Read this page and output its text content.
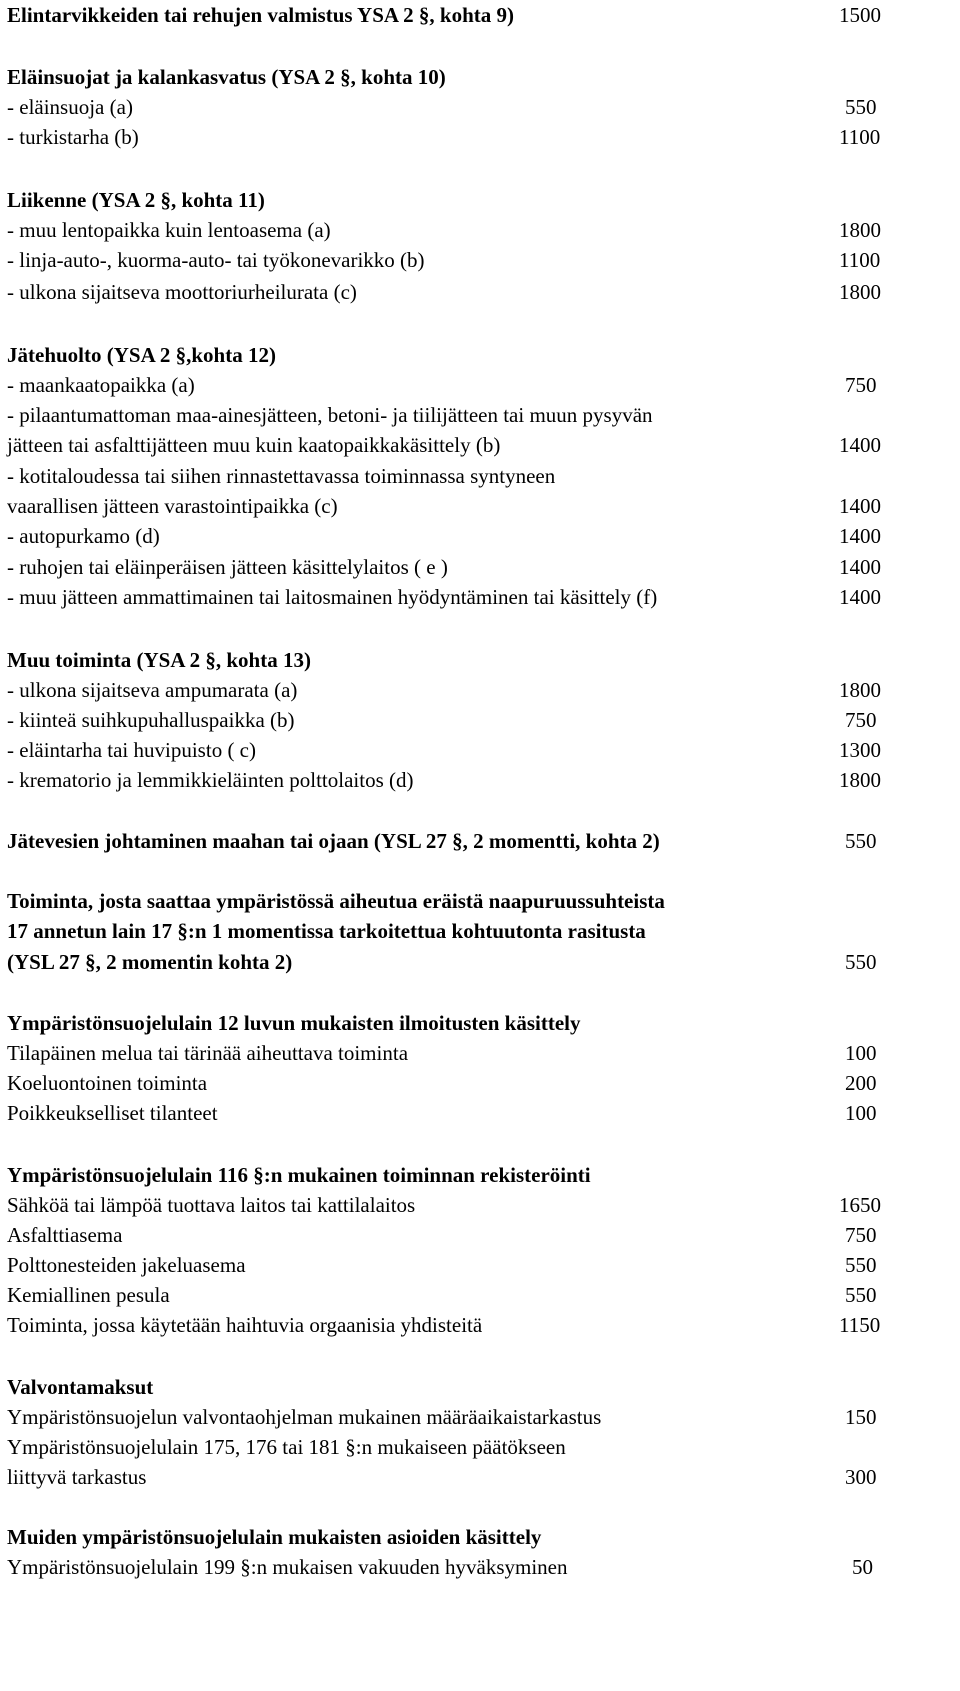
Elintarvikkeiden tai rehujen valmistus YSA 2 §, kohta 9)	1500
Eläinsuojat ja kalankasvatus (YSA 2 §, kohta 10)
- eläinsuoja (a)	550
- turkistarha (b)	1100
Liikenne (YSA 2 §, kohta 11)
- muu lentopaikka kuin lentoasema (a)	1800
- linja-auto-, kuorma-auto- tai työkonevarikko (b)	1100
- ulkona sijaitseva moottoriurheilurata (c)	1800
Jätehuolto (YSA 2 §,kohta 12)
- maankaatopaikka (a)	750
- pilaantumattoman maa-ainesjätteen, betoni- ja tiilijätteen tai muun pysyvän
jätteen tai asfalttijätteen muu kuin kaatopaikkakäsittely (b)	1400
- kotitaloudessa tai siihen rinnastettavassa toiminnassa syntyneen
vaarallisen jätteen varastointipaikka (c)	1400
- autopurkamo (d)	1400
- ruhojen tai eläinperäisen jätteen käsittelylaitos ( e )	1400
- muu jätteen ammattimainen tai laitosmainen hyödyntäminen tai käsittely (f)	1400
Muu toiminta (YSA 2 §, kohta 13)
- ulkona sijaitseva ampumarata (a)	1800
- kiinteä suihkupuhalluspaikka (b)	750
- eläintarha tai huvipuisto ( c)	1300
- krematorio ja lemmikkieläinten polttolaitos (d)	1800
Jätevesien johtaminen maahan tai ojaan (YSL 27 §, 2 momentti, kohta 2)	550
Toiminta, josta saattaa ympäristössä aiheutua eräistä naapuruussuhteista
17 annetun lain 17 §:n 1 momentissa tarkoitettua kohtuutonta rasitusta
(YSL 27 §, 2 momentin kohta 2)	550
Ympäristönsuojelulain 12 luvun mukaisten ilmoitusten käsittely
Tilapäinen melua tai tärinää aiheuttava toiminta	100
Koeluontoinen toiminta	200
Poikkeukselliset tilanteet	100
Ympäristönsuojelulain 116 §:n mukainen toiminnan rekisteröinti
Sähköä tai lämpöä tuottava laitos tai kattilalaitos	1650
Asfalttiasema	750
Polttonesteiden jakeluasema	550
Kemiallinen pesula	550
Toiminta, jossa käytetään haihtuvia orgaanisia yhdisteitä	1150
Valvontamaksut
Ympäristönsuojelun valvontaohjelman mukainen määräaikaistarkastus	150
Ympäristönsuojelulain 175, 176 tai 181 §:n mukaiseen päätökseen
liittyvä tarkastus	300
Muiden ympäristönsuojelulain mukaisten asioiden käsittely
Ympäristönsuojelulain 199 §:n mukaisen vakuuden hyväksyminen	50
